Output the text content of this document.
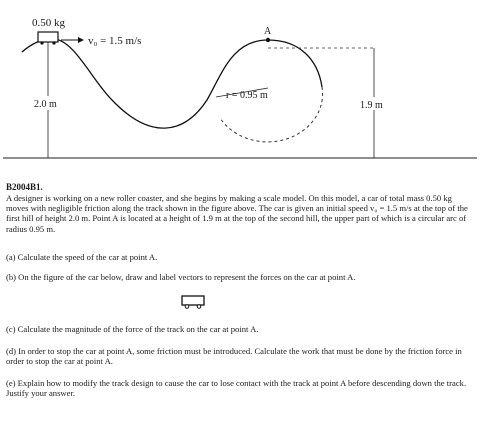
0.50 kg
v₀ = 1.5 m/s
2.0 m
r = 0.95 m
1.9 m
A
B2004B1.
A designer is working on a new roller coaster, and she begins by making a scale model. On this model, a car of total mass 0.50 kg moves with negligible friction along the track shown in the figure above. The car is given an initial speed v₀ = 1.5 m/s at the top of the first hill of height 2.0 m. Point A is located at a height of 1.9 m at the top of the second hill, the upper part of which is a circular arc of radius 0.95 m.
(a) Calculate the speed of the car at point A.
(b) On the figure of the car below, draw and label vectors to represent the forces on the car at point A.
(c) Calculate the magnitude of the force of the track on the car at point A.
(d) In order to stop the car at point A, some friction must be introduced. Calculate the work that must be done by the friction force in order to stop the car at point A.
(e) Explain how to modify the track design to cause the car to lose contact with the track at point A before descending down the track. Justify your answer.
